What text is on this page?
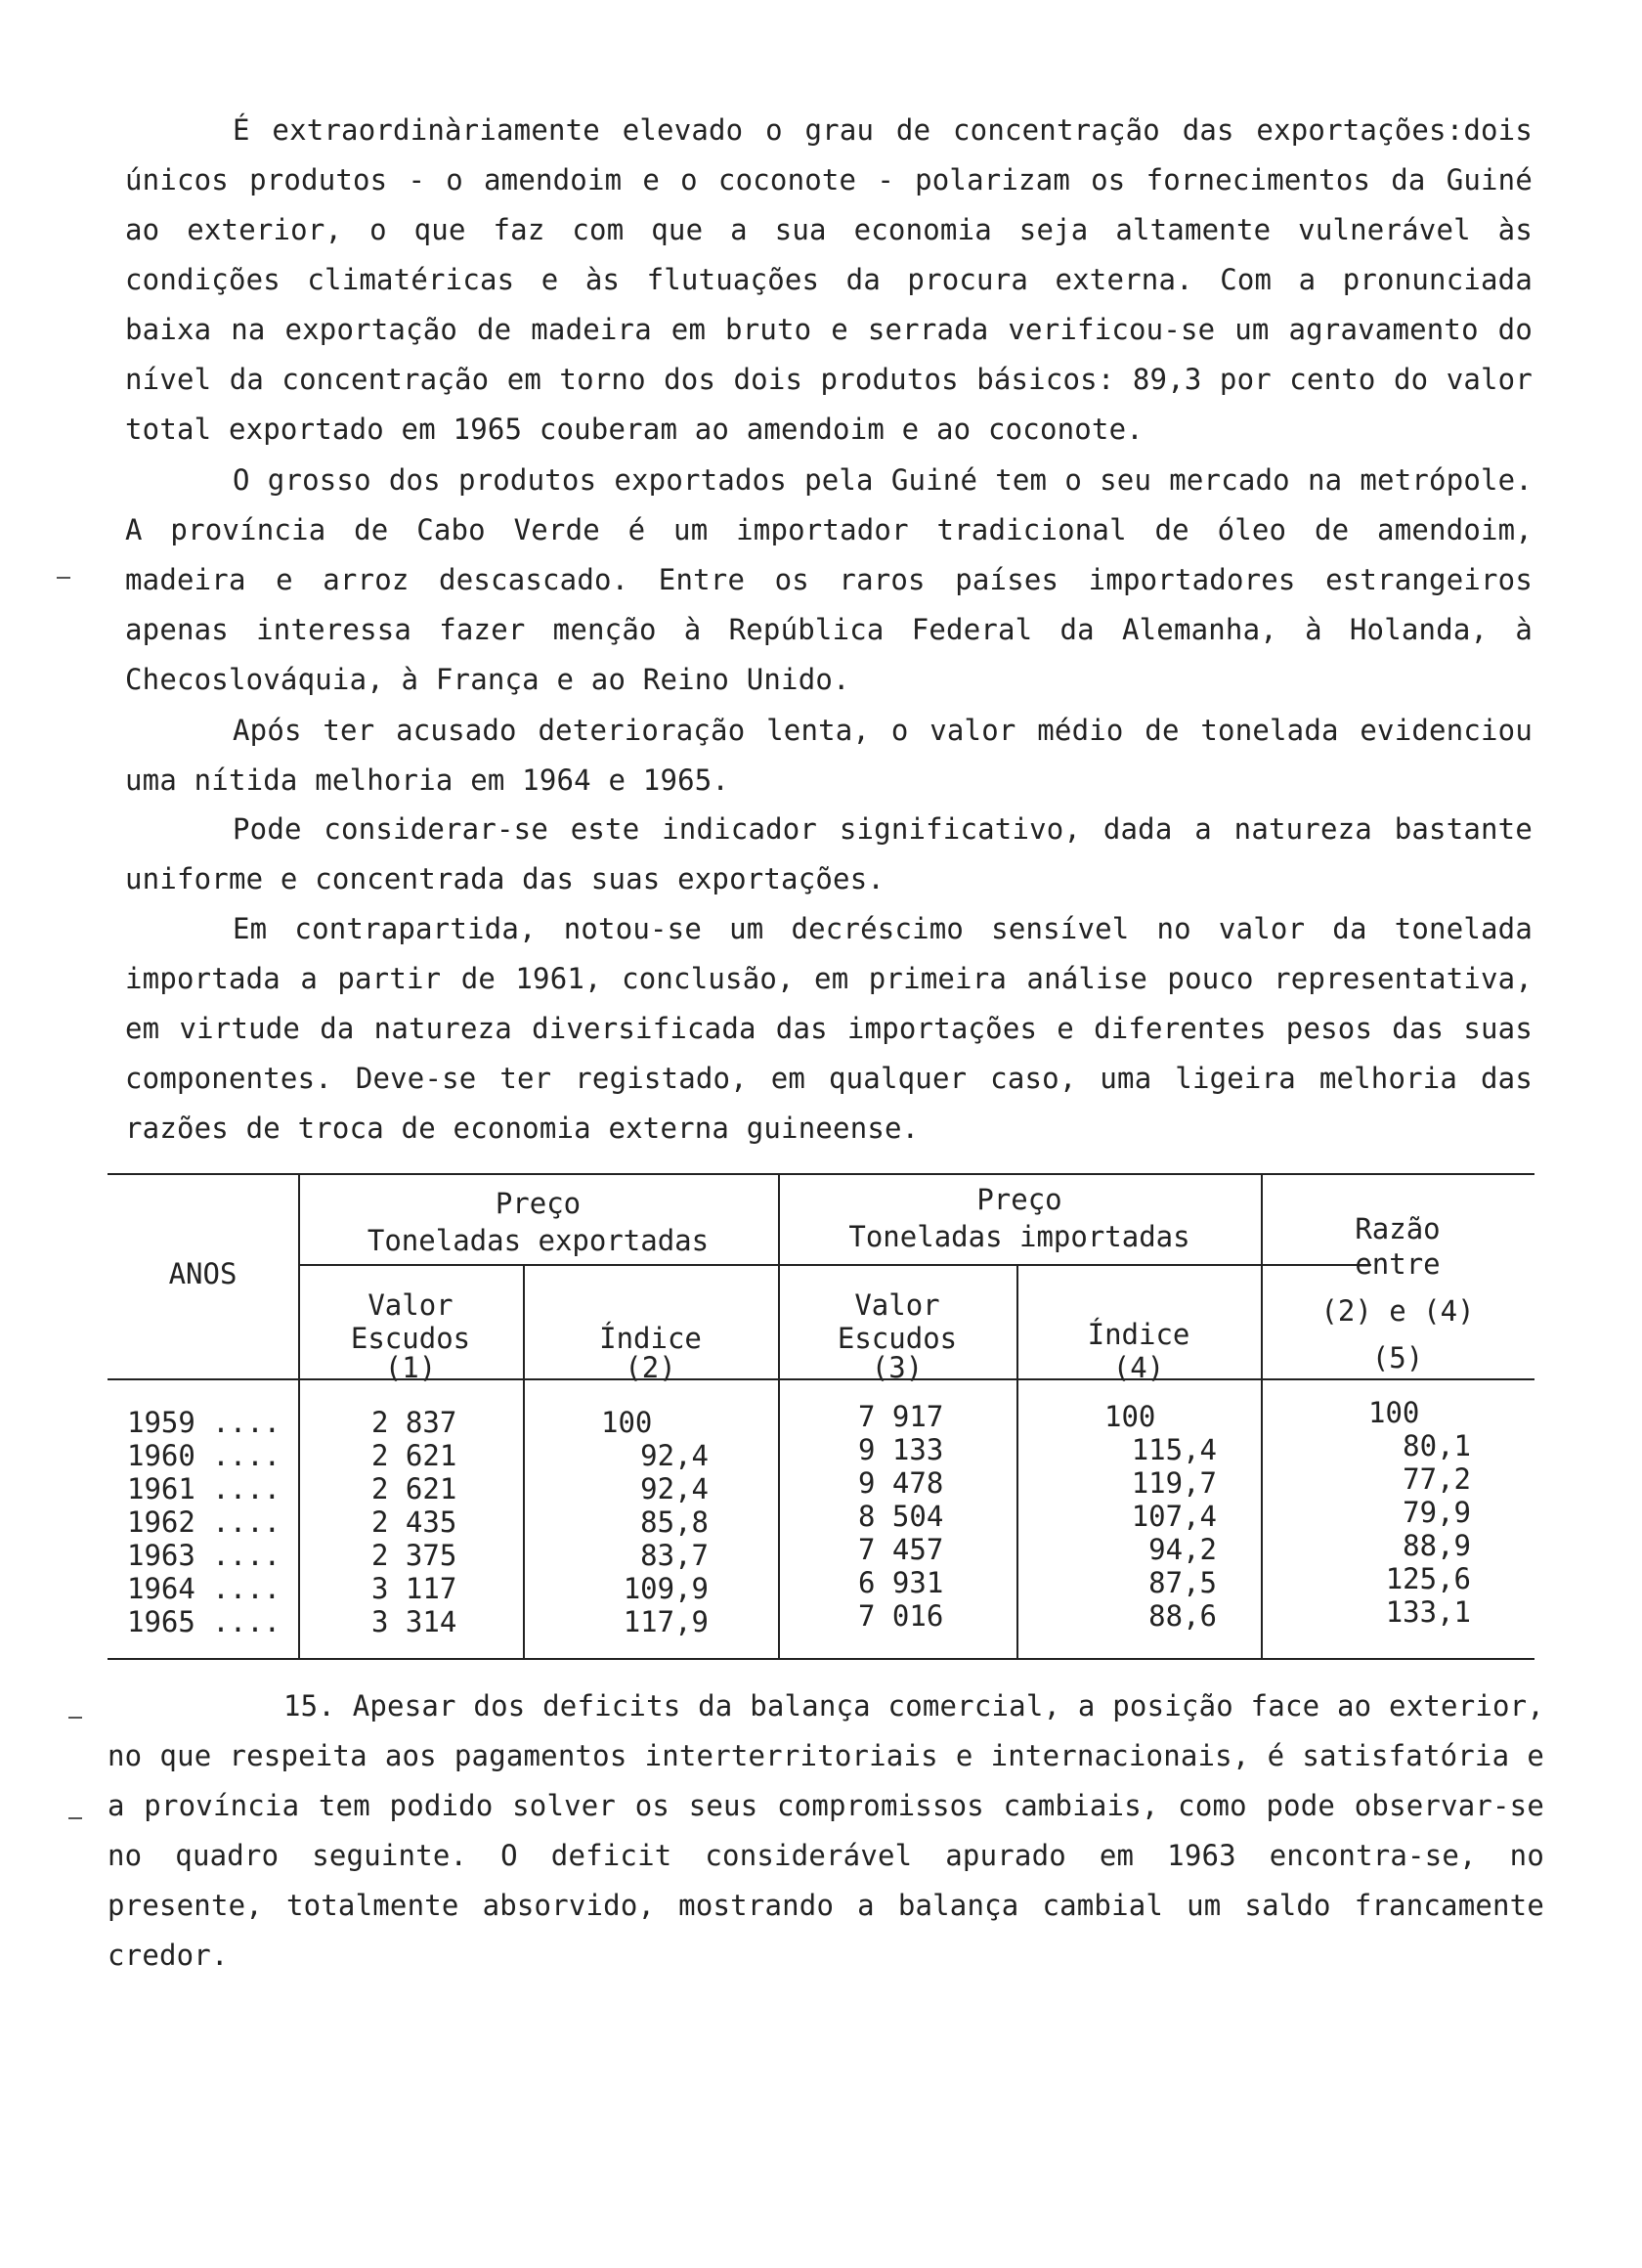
É extraordinàriamente elevado o grau de concentração das exportações:dois únicos produtos - o amendoim e o coconote - polarizam os fornecimentos da Guiné ao exterior, o que faz com que a sua economia seja altamente vulnerável às condições climatéricas e às flutuações da procura externa. Com a pronunciada baixa na exportação de madeira em bruto e serrada verificou-se um agravamento do nível da concentração em torno dos dois produtos básicos: 89,3 por cento do valor total exportado em 1965 couberam ao amendoim e ao coconote.

O grosso dos produtos exportados pela Guiné tem o seu mercado na metrópole. A província de Cabo Verde é um importador tradicional de óleo de amendoim, madeira e arroz descascado. Entre os raros países importadores estrangeiros apenas interessa fazer menção à República Federal da Alemanha, à Holanda, à Checoslováquia, à França e ao Reino Unido.

Após ter acusado deterioração lenta, o valor médio de tonelada evidenciou uma nítida melhoria em 1964 e 1965.

Pode considerar-se este indicador significativo, dada a natureza bastante uniforme e concentrada das suas exportações.

Em contrapartida, notou-se um decréscimo sensível no valor da tonelada importada a partir de 1961, conclusão, em primeira análise pouco representativa, em virtude da natureza diversificada das importações e diferentes pesos das suas componentes. Deve-se ter registado, em qualquer caso, uma ligeira melhoria das razões de troca de economia externa guineense.

ANOS
Preço
Toneladas exportadas
Preço
Toneladas importadas	Razão
entre
(2) e (4)
(5)
Valor
Escudos
(1)
Índice
(2)
Valor
Escudos
(3)
Índice
(4)
1959 ....
1960 ....
1961 ....
1962 ....
1963 ....
1964 ....
1965 ....
2 837
2 621
2 621
2 435
2 375
3 117
3 314
100
92,4
92,4
85,8
83,7
109,9
117,9
7 917
9 133
9 478
8 504
7 457
6 931
7 016
100
115,4
119,7
107,4
94,2
87,5
88,6
100
80,1
77,2
79,9
88,9
125,6
133,1

15. Apesar dos deficits da balança comercial, a posição face ao exterior, no que respeita aos pagamentos interterritoriais e internacionais, é satisfatória e a província tem podido solver os seus compromissos cambiais, como pode observar-se no quadro seguinte. O deficit considerável apurado em 1963 encontra-se, no presente, totalmente absorvido, mostrando a balança cambial um saldo francamente credor.
